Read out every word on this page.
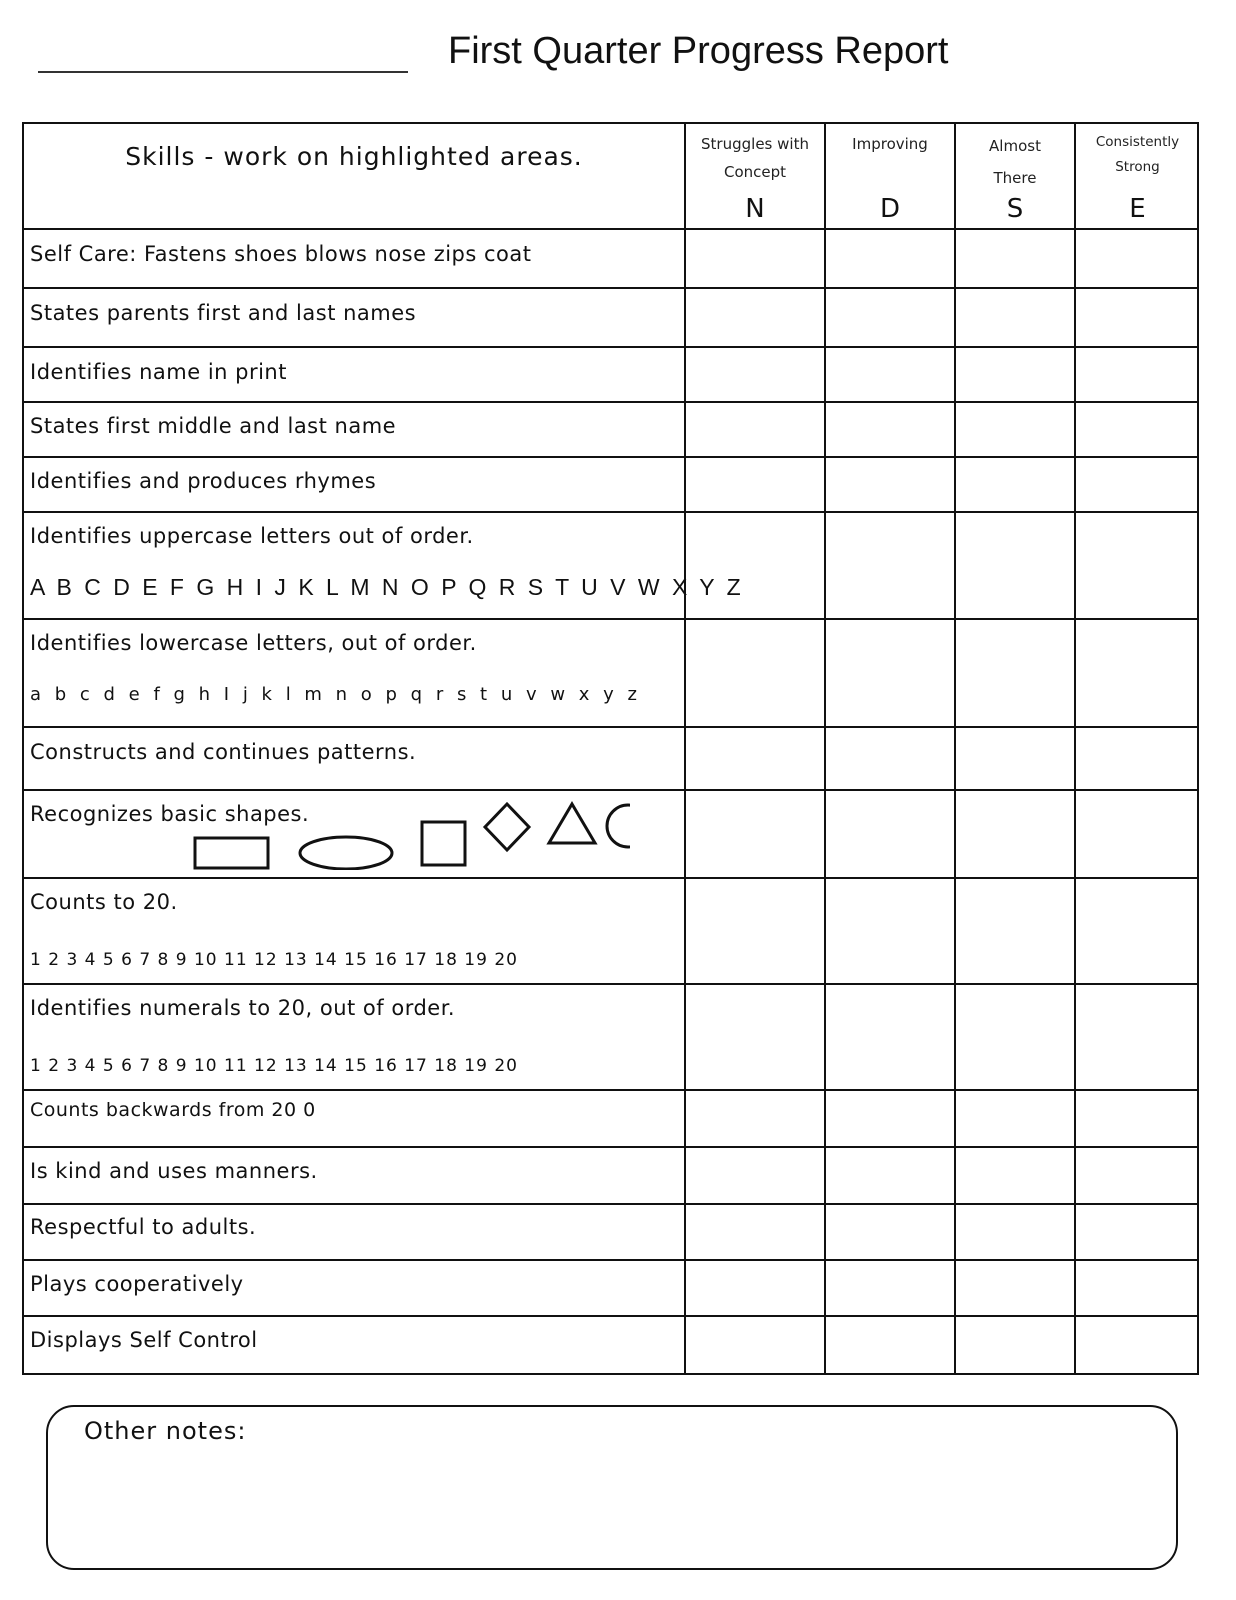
First Quarter Progress Report
Skills - work on highlighted areas.	Struggles with
Concept
N
Improving
D
Almost
There
S
Consistently
Strong
E
Self Care: Fastens shoes blows nose zips coat
States parents first and last names
Identifies name in print
States first middle and last name
Identifies and produces rhymes
Identifies uppercase letters out of order.
A B C D E F G H I J K L M N O P Q R S T U V W X Y Z
Identifies lowercase letters, out of order.
a b c d e f g h I j k l m n o p q r s t u v w x y z
Constructs and continues patterns.
Recognizes basic shapes.
Counts to 20.
1 2 3 4 5 6 7 8 9 10 11 12 13 14 15 16 17 18 19 20
Identifies numerals to 20, out of order.
1 2 3 4 5 6 7 8 9 10 11 12 13 14 15 16 17 18 19 20
Counts backwards from 20 0
Is kind and uses manners.
Respectful to adults.
Plays cooperatively
Displays Self Control
Other notes:
